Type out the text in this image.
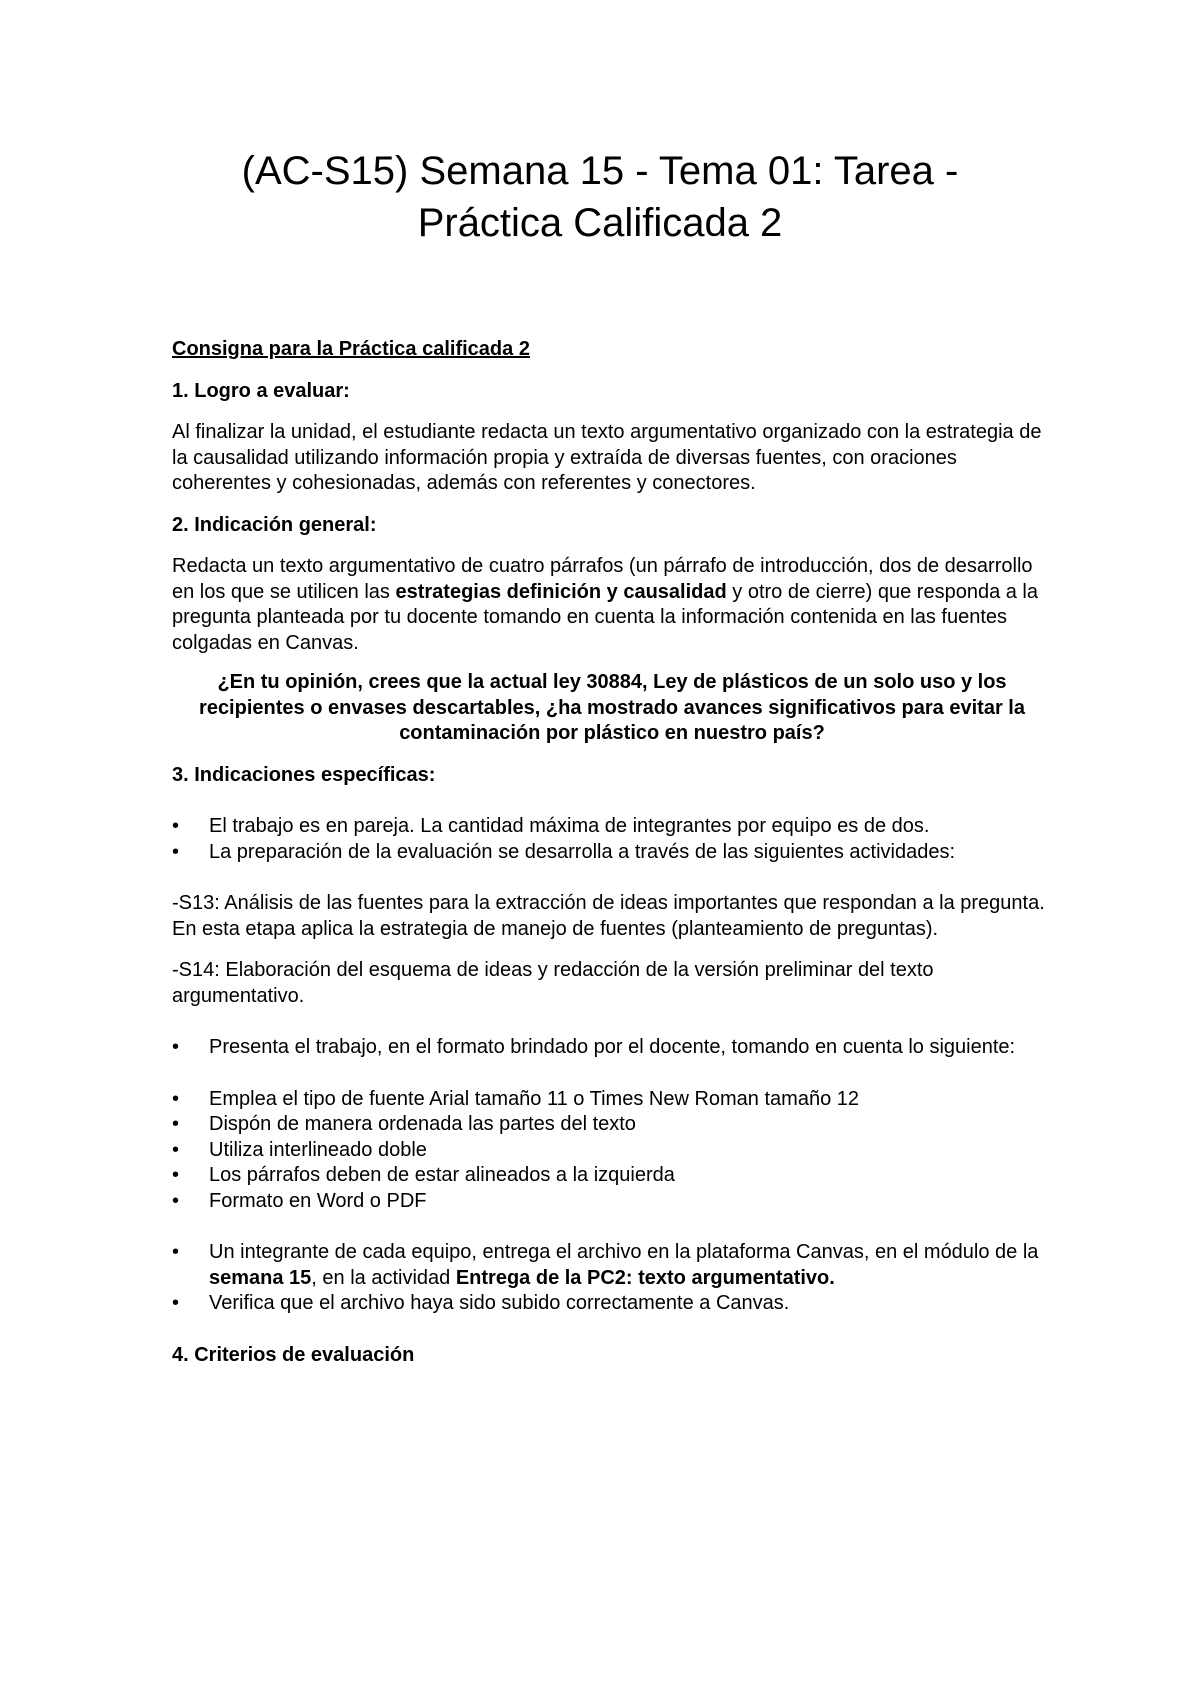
(AC-S15) Semana 15 - Tema 01: Tarea -
Práctica Calificada 2

Consigna para la Práctica calificada 2

1. Logro a evaluar:

Al finalizar la unidad, el estudiante redacta un texto argumentativo organizado con la estrategia de la causalidad utilizando información propia y extraída de diversas fuentes, con oraciones coherentes y cohesionadas, además con referentes y conectores.

2. Indicación general:

Redacta un texto argumentativo de cuatro párrafos (un párrafo de introducción, dos de desarrollo en los que se utilicen las estrategias definición y causalidad y otro de cierre) que responda a la pregunta planteada por tu docente tomando en cuenta la información contenida en las fuentes colgadas en Canvas.

¿En tu opinión, crees que la actual ley 30884, Ley de plásticos de un solo uso y los recipientes o envases descartables, ¿ha mostrado avances significativos para evitar la contaminación por plástico en nuestro país?

3. Indicaciones específicas:

•	El trabajo es en pareja. La cantidad máxima de integrantes por equipo es de dos.
•	La preparación de la evaluación se desarrolla a través de las siguientes actividades:

-S13: Análisis de las fuentes para la extracción de ideas importantes que respondan a la pregunta. En esta etapa aplica la estrategia de manejo de fuentes (planteamiento de preguntas).

-S14: Elaboración del esquema de ideas y redacción de la versión preliminar del texto argumentativo.

•	Presenta el trabajo, en el formato brindado por el docente, tomando en cuenta lo siguiente:
•	Emplea el tipo de fuente Arial tamaño 11 o Times New Roman tamaño 12
•	Dispón de manera ordenada las partes del texto
•	Utiliza interlineado doble
•	Los párrafos deben de estar alineados a la izquierda
•	Formato en Word o PDF
•	Un integrante de cada equipo, entrega el archivo en la plataforma Canvas, en el módulo de la semana 15, en la actividad Entrega de la PC2: texto argumentativo.
•	Verifica que el archivo haya sido subido correctamente a Canvas.

4. Criterios de evaluación
